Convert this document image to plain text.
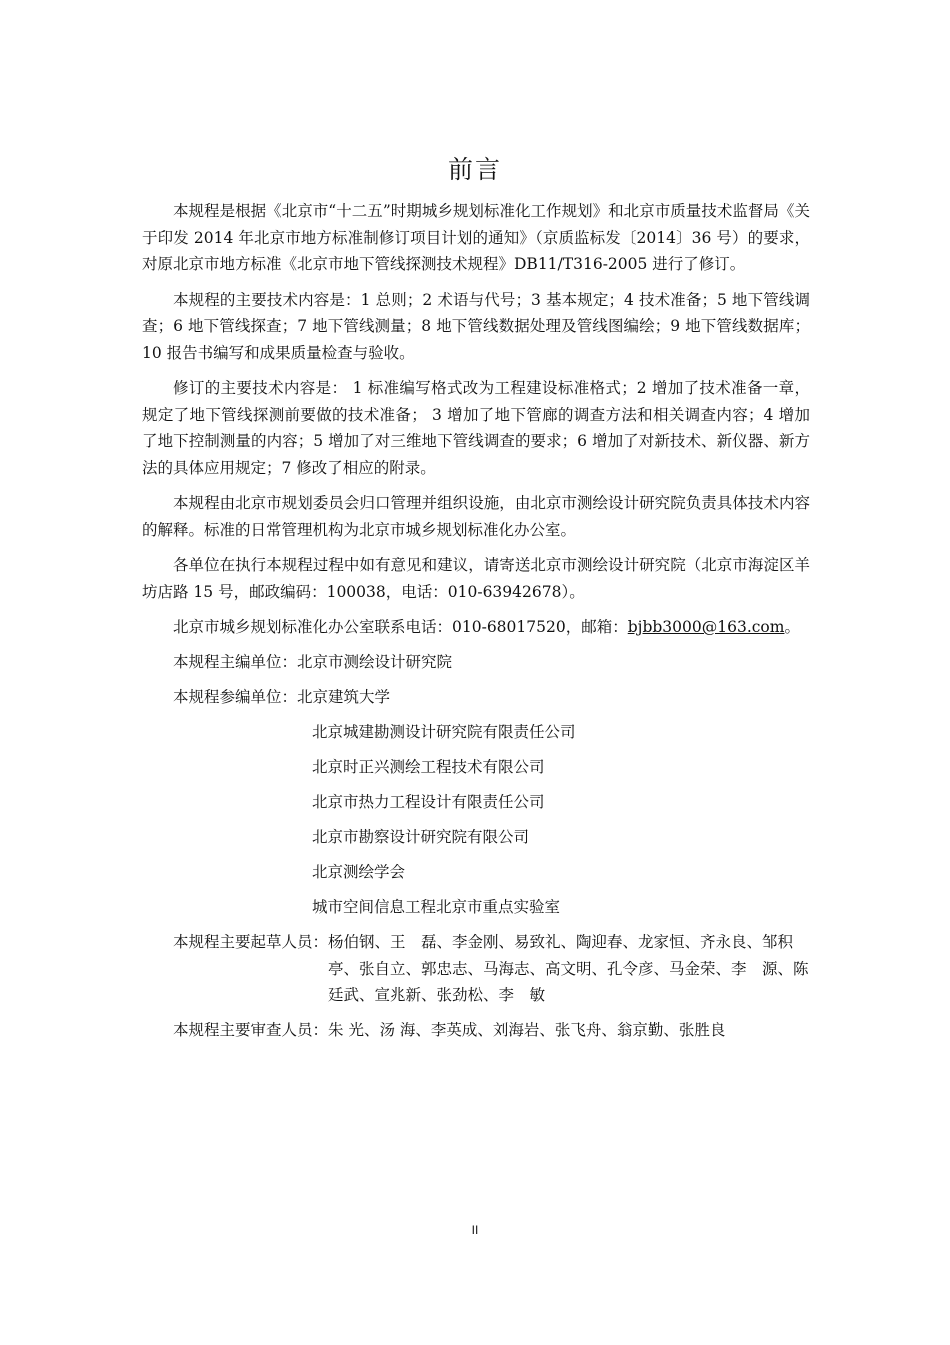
前言

本规程是根据《北京市“十二五”时期城乡规划标准化工作规划》和北京市质量技术监督局《关于印发 2014 年北京市地方标准制修订项目计划的通知》（京质监标发〔2014〕36 号）的要求，对原北京市地方标准《北京市地下管线探测技术规程》DB11/T316-2005 进行了修订。

本规程的主要技术内容是：1 总则；2 术语与代号；3 基本规定；4 技术准备；5 地下管线调查；6 地下管线探查；7 地下管线测量；8 地下管线数据处理及管线图编绘；9 地下管线数据库；10 报告书编写和成果质量检查与验收。

修订的主要技术内容是： 1 标准编写格式改为工程建设标准格式；2 增加了技术准备一章，规定了地下管线探测前要做的技术准备； 3 增加了地下管廊的调查方法和相关调查内容；4 增加了地下控制测量的内容；5 增加了对三维地下管线调查的要求；6 增加了对新技术、新仪器、新方法的具体应用规定；7 修改了相应的附录。

本规程由北京市规划委员会归口管理并组织设施，由北京市测绘设计研究院负责具体技术内容的解释。标准的日常管理机构为北京市城乡规划标准化办公室。

各单位在执行本规程过程中如有意见和建议，请寄送北京市测绘设计研究院（北京市海淀区羊坊店路 15 号，邮政编码：100038，电话：010-63942678）。

北京市城乡规划标准化办公室联系电话：010-68017520，邮箱：bjbb3000@163.com。
本规程主编单位：北京市测绘设计研究院
本规程参编单位：北京建筑大学
北京城建勘测设计研究院有限责任公司
北京时正兴测绘工程技术有限公司
北京市热力工程设计有限责任公司
北京市勘察设计研究院有限公司
北京测绘学会
城市空间信息工程北京市重点实验室
本规程主要起草人员： 杨伯钢、王　磊、李金刚、易致礼、陶迎春、龙家恒、齐永良、邹积亭、张自立、郭忠志、马海志、高文明、孔令彦、马金荣、李　源、陈廷武、宣兆新、张劲松、李　敏
本规程主要审查人员： 朱 光、汤 海、李英成、刘海岩、张飞舟、翁京勤、张胜良
II
